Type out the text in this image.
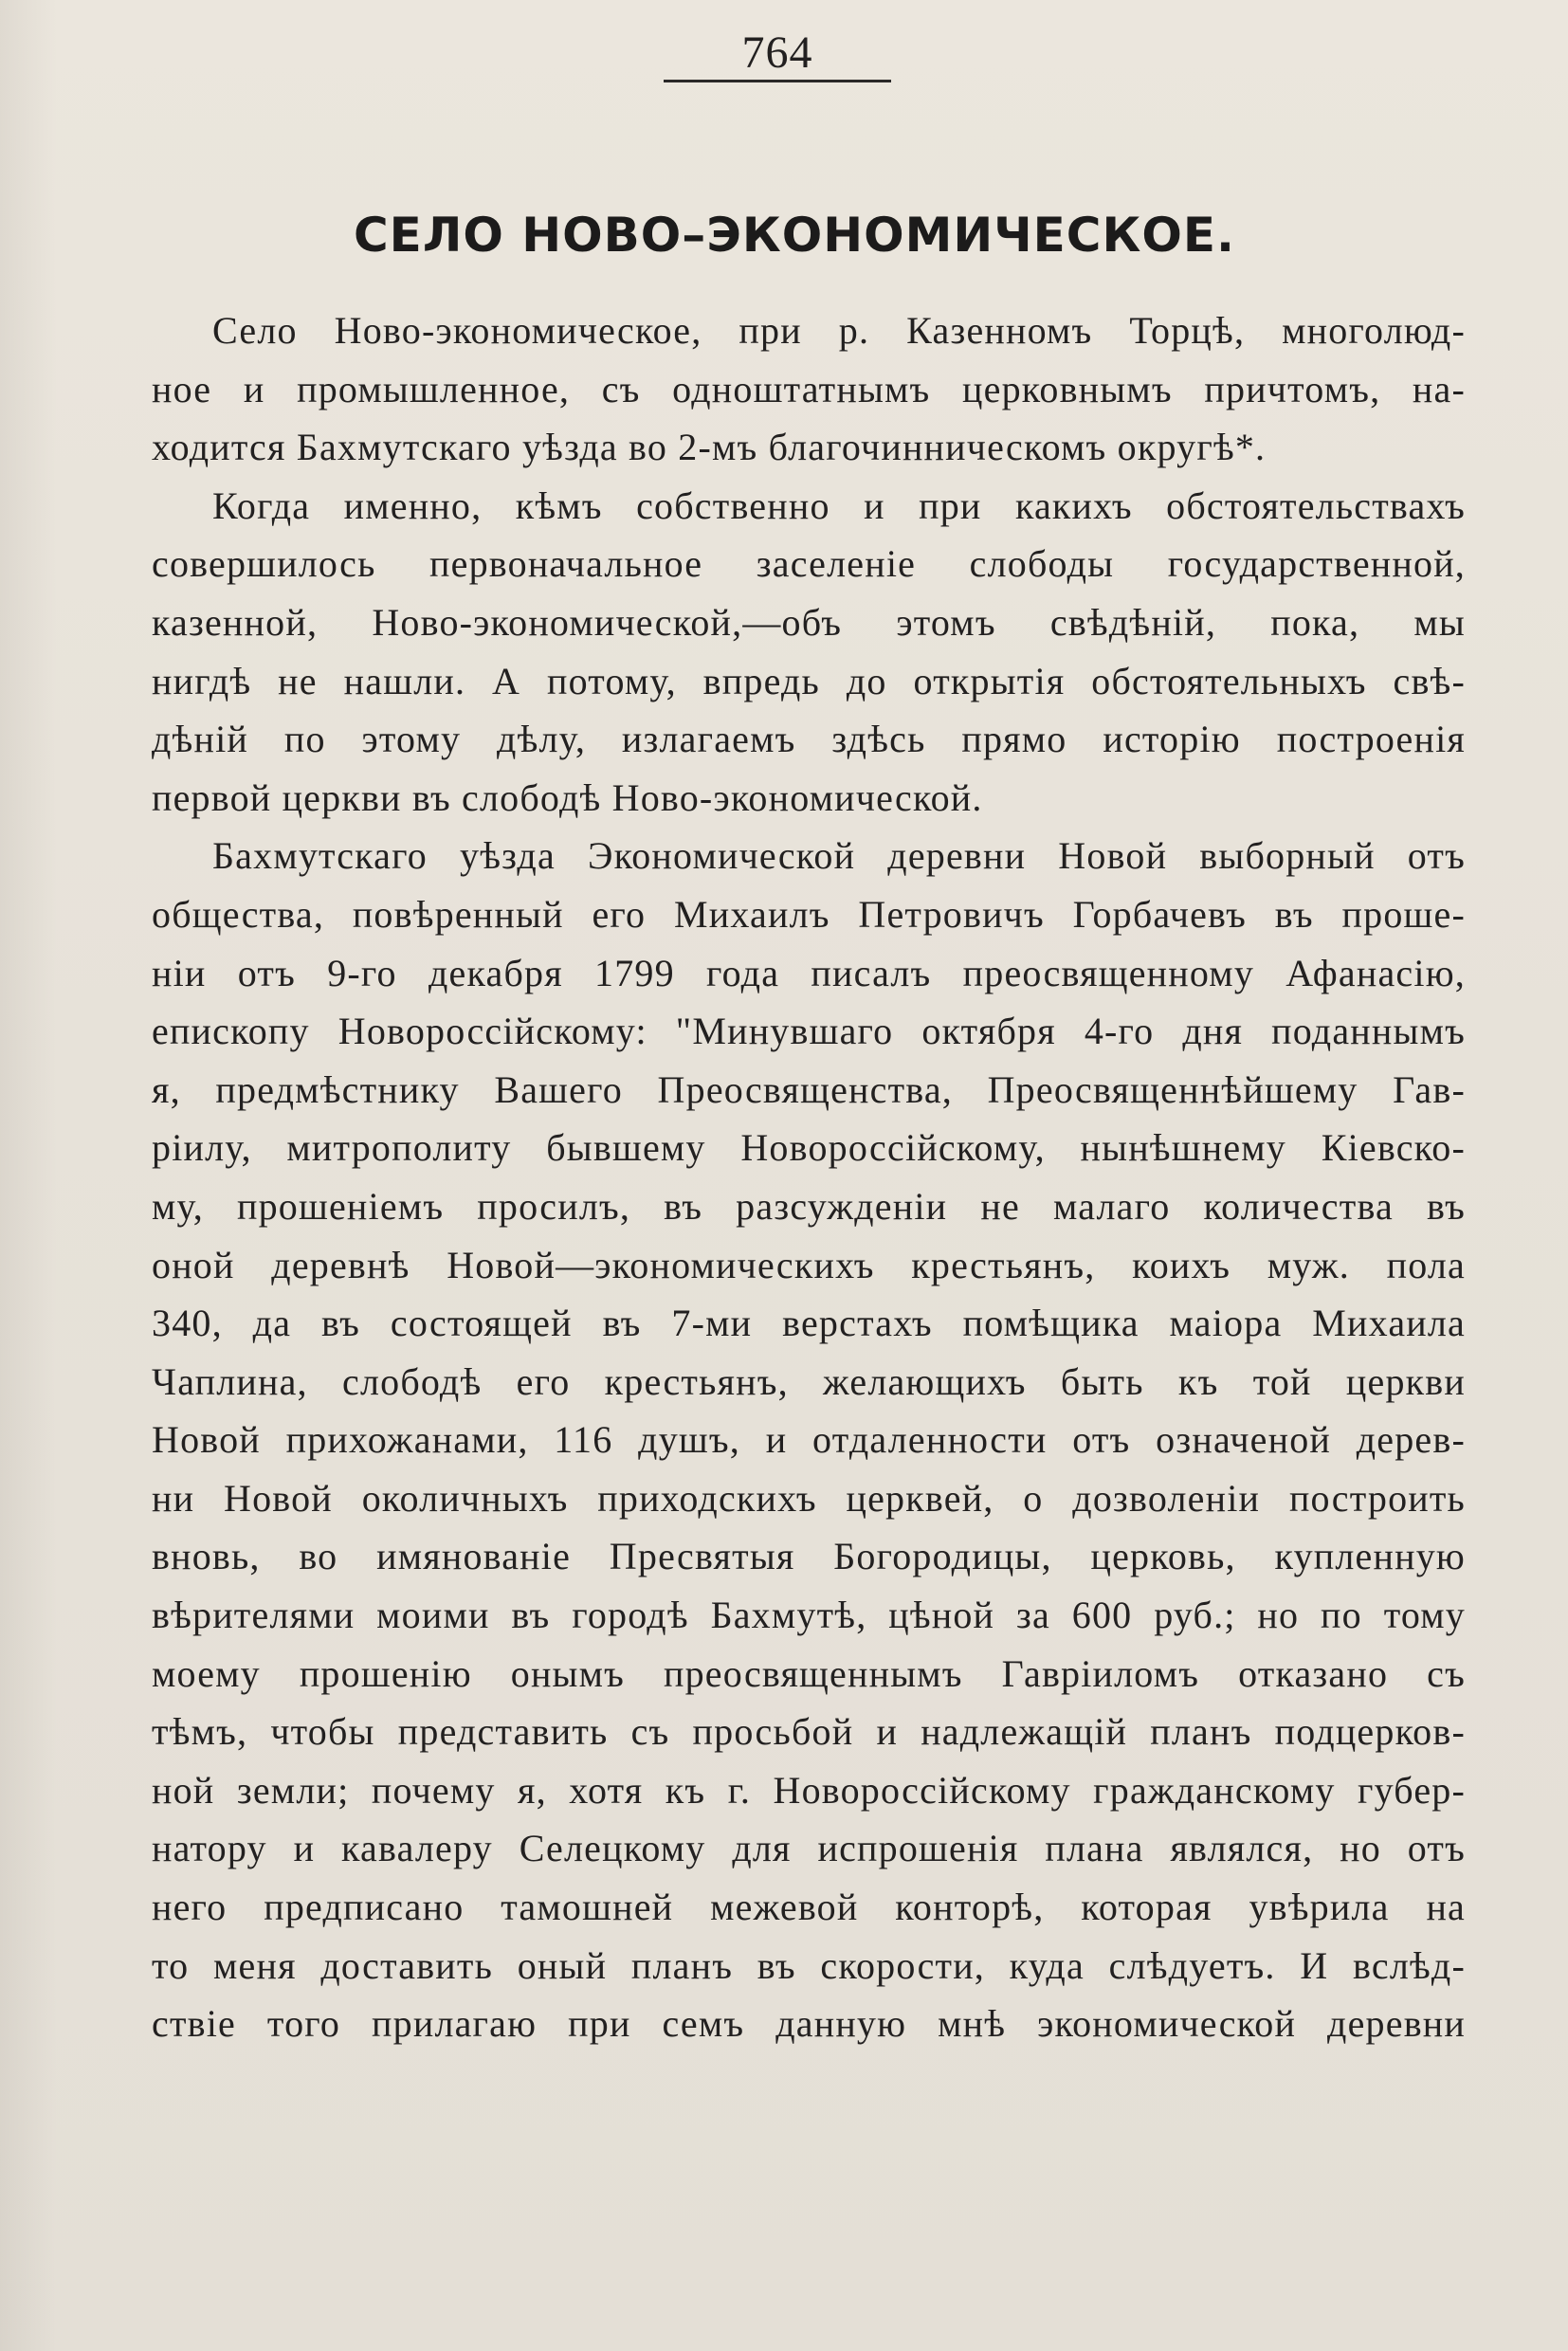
764
СЕЛО НОВО–ЭКОНОМИЧЕСКОЕ.
Село Ново-экономическое, при р. Казенномъ Торцѣ, многолюд-
ное и промышленное, съ одноштатнымъ церковнымъ причтомъ, на-
ходится Бахмутскаго уѣзда во 2-мъ благочинническомъ округѣ*.
Когда именно, кѣмъ собственно и при какихъ обстоятельствахъ
совершилось первоначальное заселеніе слободы государственной,
казенной, Ново-экономической,—объ этомъ свѣдѣній, пока, мы
нигдѣ не нашли. А потому, впредь до открытія обстоятельныхъ свѣ-
дѣній по этому дѣлу, излагаемъ здѣсь прямо исторію построенія
первой церкви въ слободѣ Ново-экономической.
Бахмутскаго уѣзда Экономической деревни Новой выборный отъ
общества, повѣренный его Михаилъ Петровичъ Горбачевъ въ проше-
ніи отъ 9-го декабря 1799 года писалъ преосвященному Афанасію,
епископу Новороссійскому: "Минувшаго октября 4-го дня поданнымъ
я, предмѣстнику Вашего Преосвященства, Преосвященнѣйшему Гав-
ріилу, митрополиту бывшему Новороссійскому, нынѣшнему Кіевско-
му, прошеніемъ просилъ, въ разсужденіи не малаго количества въ
оной деревнѣ Новой—экономическихъ крестьянъ, коихъ муж. пола
340, да въ состоящей въ 7-ми верстахъ помѣщика маіора Михаила
Чаплина, слободѣ его крестьянъ, желающихъ быть къ той церкви
Новой прихожанами, 116 душъ, и отдаленности отъ означеной дерев-
ни Новой околичныхъ приходскихъ церквей, о дозволеніи построить
вновь, во имянованіе Пресвятыя Богородицы, церковь, купленную
вѣрителями моими въ городѣ Бахмутѣ, цѣной за 600 руб.; но по тому
моему прошенію онымъ преосвященнымъ Гавріиломъ отказано съ
тѣмъ, чтобы представить съ просьбой и надлежащій планъ подцерков-
ной земли; почему я, хотя къ г. Новороссійскому гражданскому губер-
натору и кавалеру Селецкому для испрошенія плана являлся, но отъ
него предписано тамошней межевой конторѣ, которая увѣрила на
то меня доставить оный планъ въ скорости, куда слѣдуетъ. И вслѣд-
ствіе того прилагаю при семъ данную мнѣ экономической деревни
